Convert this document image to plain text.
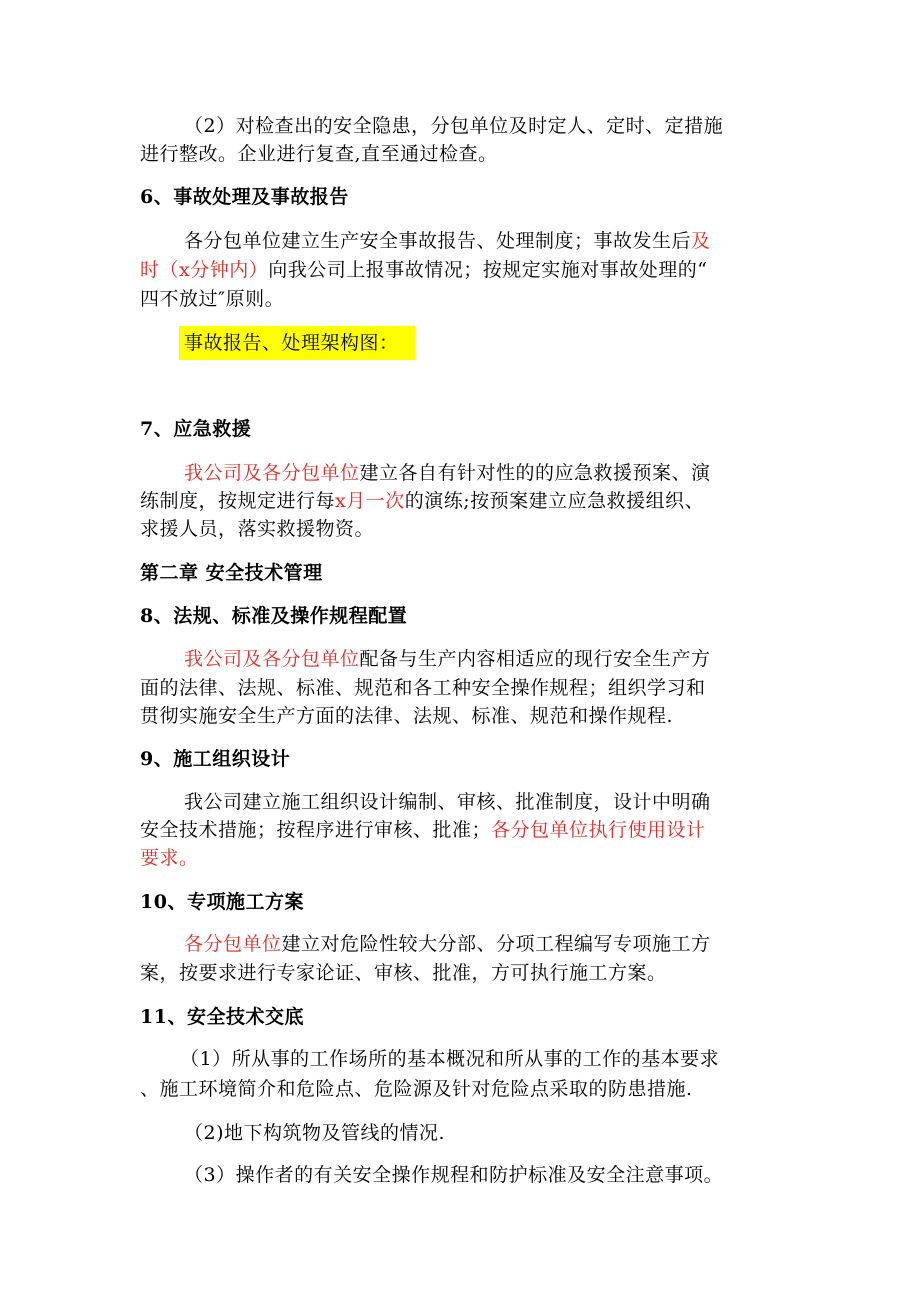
（2）对检查出的安全隐患，分包单位及时定人、定时、定措施
进行整改。企业进行复查,直至通过检查。
6、事故处理及事故报告
各分包单位建立生产安全事故报告、处理制度；事故发生后及
时（x分钟内）向我公司上报事故情况；按规定实施对事故处理的“
四不放过″原则。
事故报告、处理架构图：
7、应急救援
我公司及各分包单位建立各自有针对性的的应急救援预案、演
练制度，按规定进行每x月一次的演练;按预案建立应急救援组织、
求援人员，落实救援物资。
第二章 安全技术管理
8、法规、标准及操作规程配置
我公司及各分包单位配备与生产内容相适应的现行安全生产方
面的法律、法规、标准、规范和各工种安全操作规程；组织学习和
贯彻实施安全生产方面的法律、法规、标准、规范和操作规程.
9、施工组织设计
我公司建立施工组织设计编制、审核、批准制度，设计中明确
安全技术措施；按程序进行审核、批准；各分包单位执行使用设计
要求。
10、专项施工方案
各分包单位建立对危险性较大分部、分项工程编写专项施工方
案，按要求进行专家论证、审核、批准，方可执行施工方案。
11、安全技术交底
（1）所从事的工作场所的基本概况和所从事的工作的基本要求
、施工环境简介和危险点、危险源及针对危险点采取的防患措施.
（2)地下构筑物及管线的情况.
（3）操作者的有关安全操作规程和防护标准及安全注意事项。
